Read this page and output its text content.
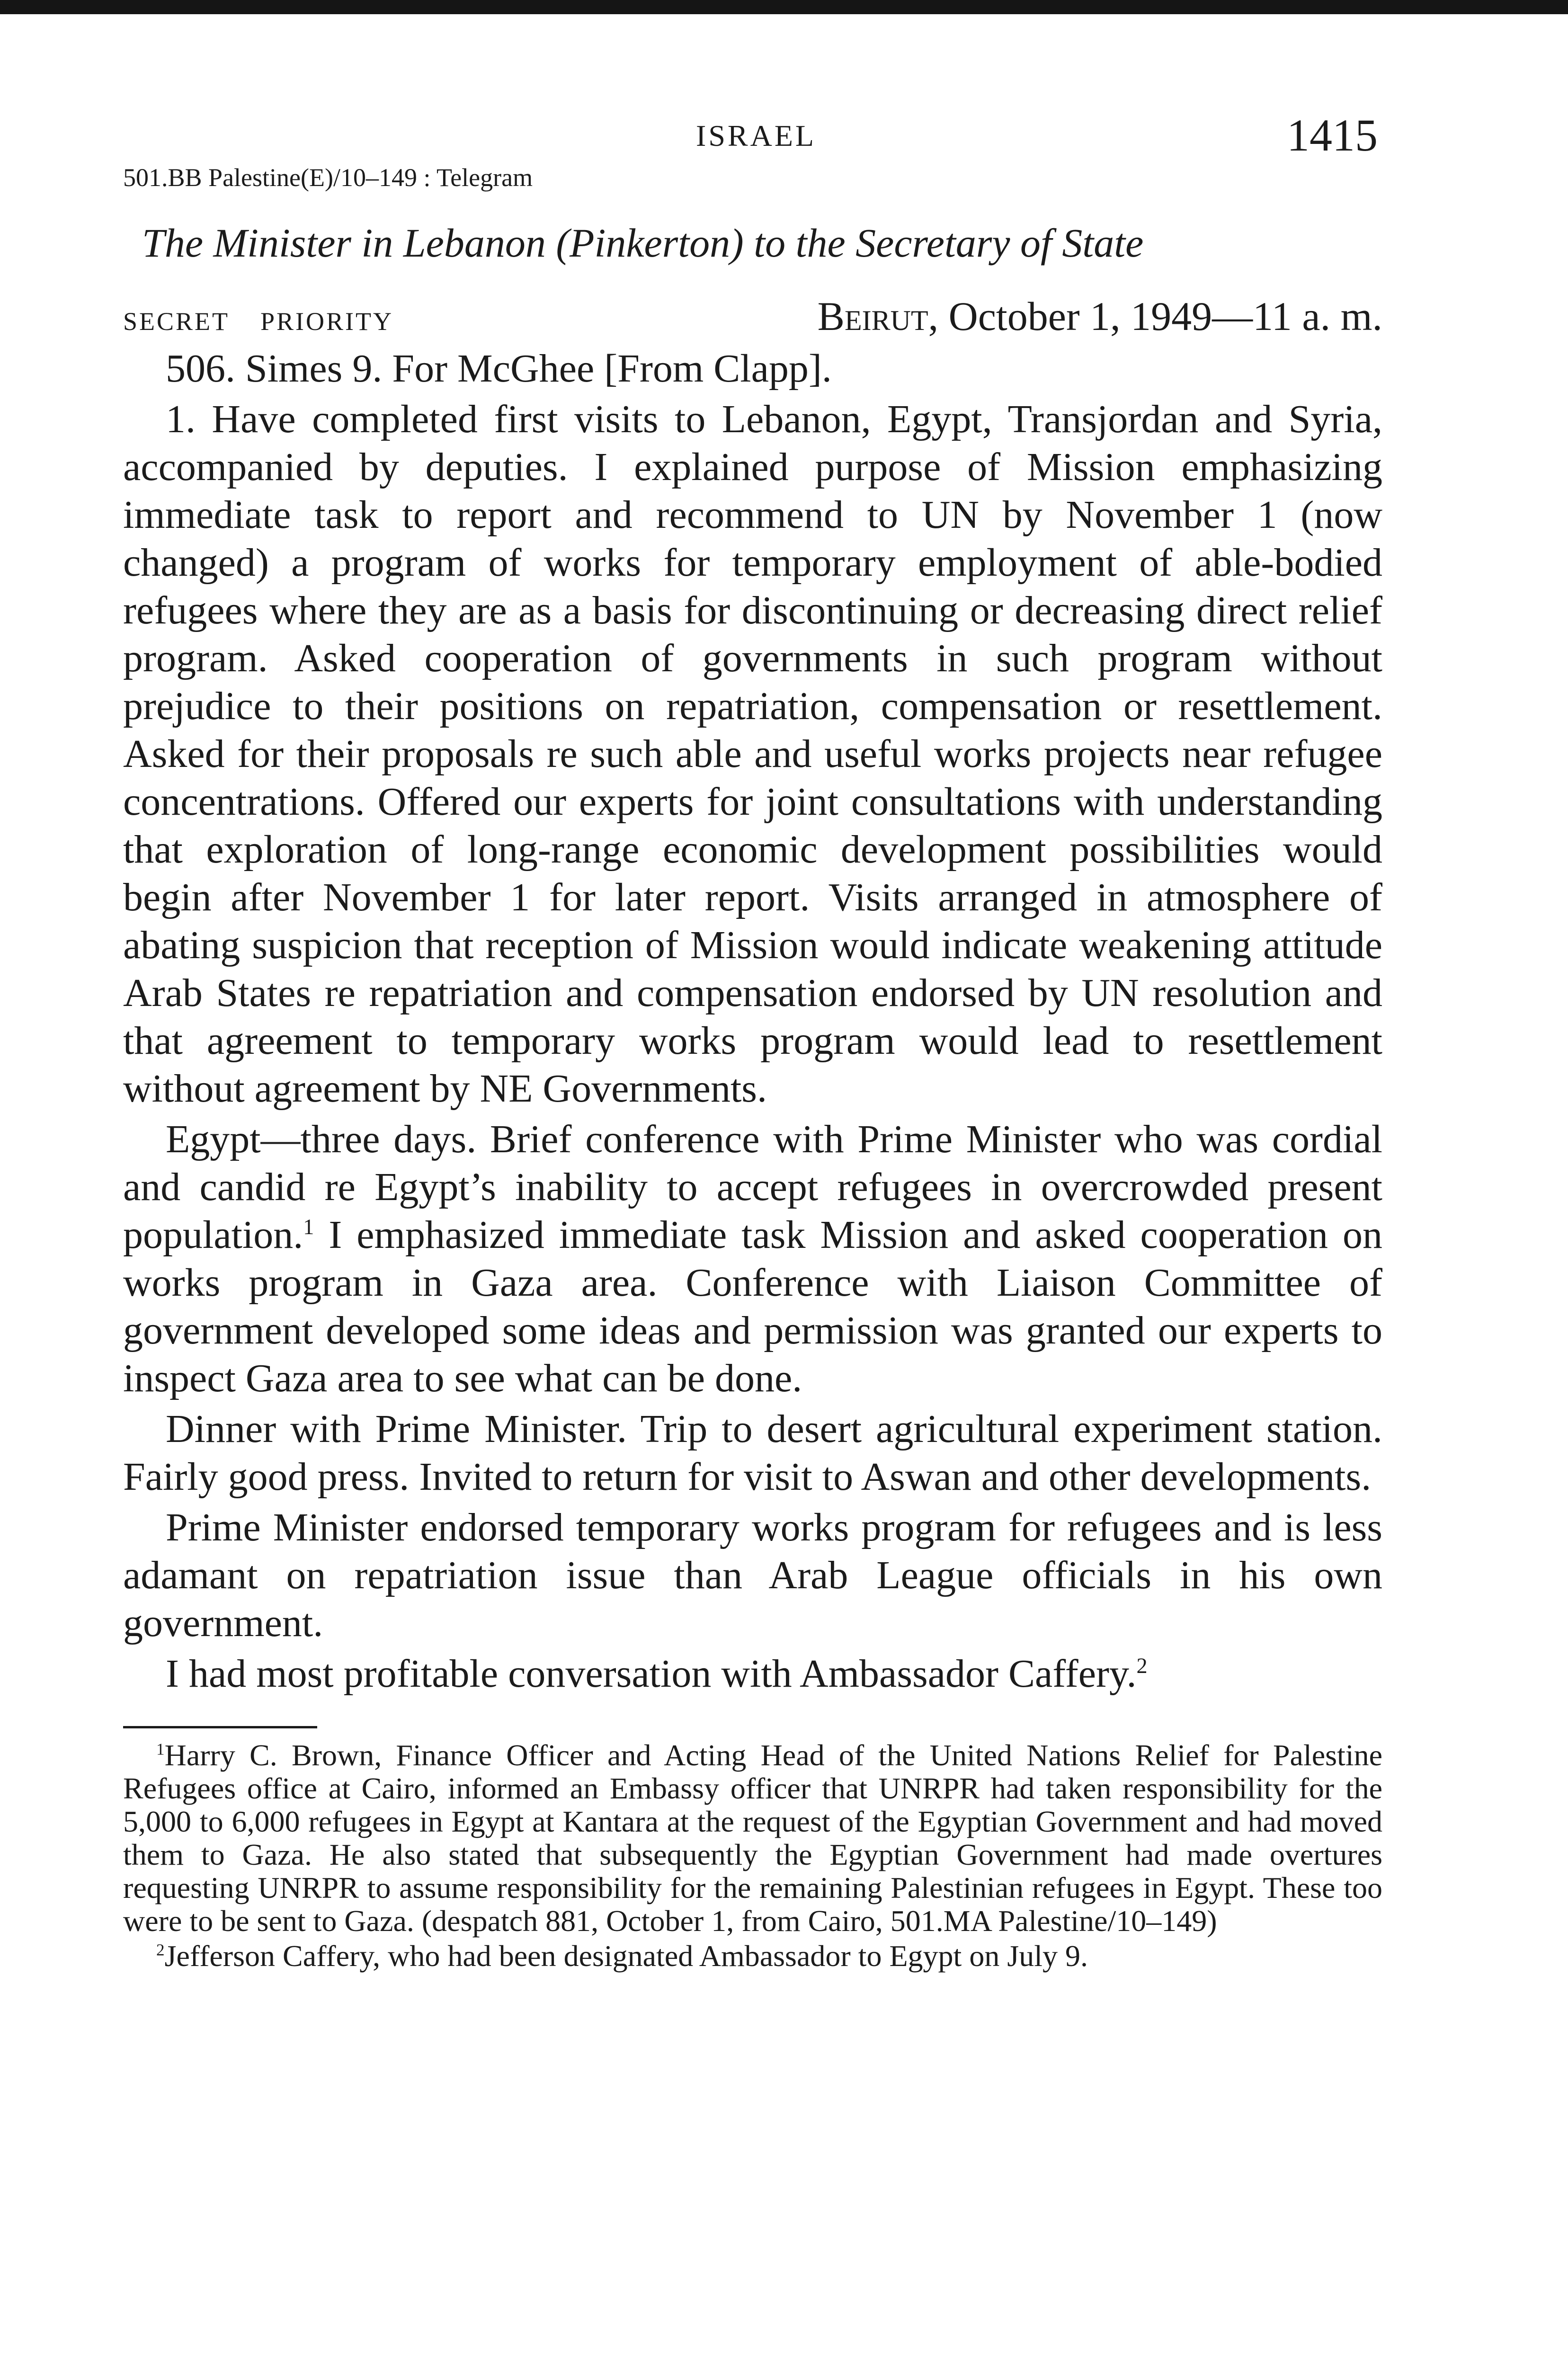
ISRAEL	1415
501.BB Palestine(E)/10–149 : Telegram
The Minister in Lebanon (Pinkerton) to the Secretary of State
SECRET PRIORITY	Beirut, October 1, 1949—11 a. m.

506. Simes 9. For McGhee [From Clapp].

1. Have completed first visits to Lebanon, Egypt, Transjordan and Syria, accompanied by deputies. I explained purpose of Mission emphasizing immediate task to report and recommend to UN by November 1 (now changed) a program of works for temporary employment of able-bodied refugees where they are as a basis for discontinuing or decreasing direct relief program. Asked cooperation of governments in such program without prejudice to their positions on repatriation, compensation or resettlement. Asked for their proposals re such able and useful works projects near refugee concentrations. Offered our experts for joint consultations with understanding that exploration of long-range economic development possibilities would begin after November 1 for later report. Visits arranged in atmosphere of abating suspicion that reception of Mission would indicate weakening attitude Arab States re repatriation and compensation endorsed by UN resolution and that agreement to temporary works program would lead to resettlement without agreement by NE Governments.

Egypt—three days. Brief conference with Prime Minister who was cordial and candid re Egypt’s inability to accept refugees in overcrowded present population.$^1$ I emphasized immediate task Mission and asked cooperation on works program in Gaza area. Conference with Liaison Committee of government developed some ideas and permission was granted our experts to inspect Gaza area to see what can be done.

Dinner with Prime Minister. Trip to desert agricultural experiment station. Fairly good press. Invited to return for visit to Aswan and other developments.

Prime Minister endorsed temporary works program for refugees and is less adamant on repatriation issue than Arab League officials in his own government.

I had most profitable conversation with Ambassador Caffery.$^2$

$^1$Harry C. Brown, Finance Officer and Acting Head of the United Nations Relief for Palestine Refugees office at Cairo, informed an Embassy officer that UNRPR had taken responsibility for the 5,000 to 6,000 refugees in Egypt at Kantara at the request of the Egyptian Government and had moved them to Gaza. He also stated that subsequently the Egyptian Government had made overtures requesting UNRPR to assume responsibility for the remaining Palestinian refugees in Egypt. These too were to be sent to Gaza. (despatch 881, October 1, from Cairo, 501.MA Palestine/10–149)

$^2$Jefferson Caffery, who had been designated Ambassador to Egypt on July 9.
